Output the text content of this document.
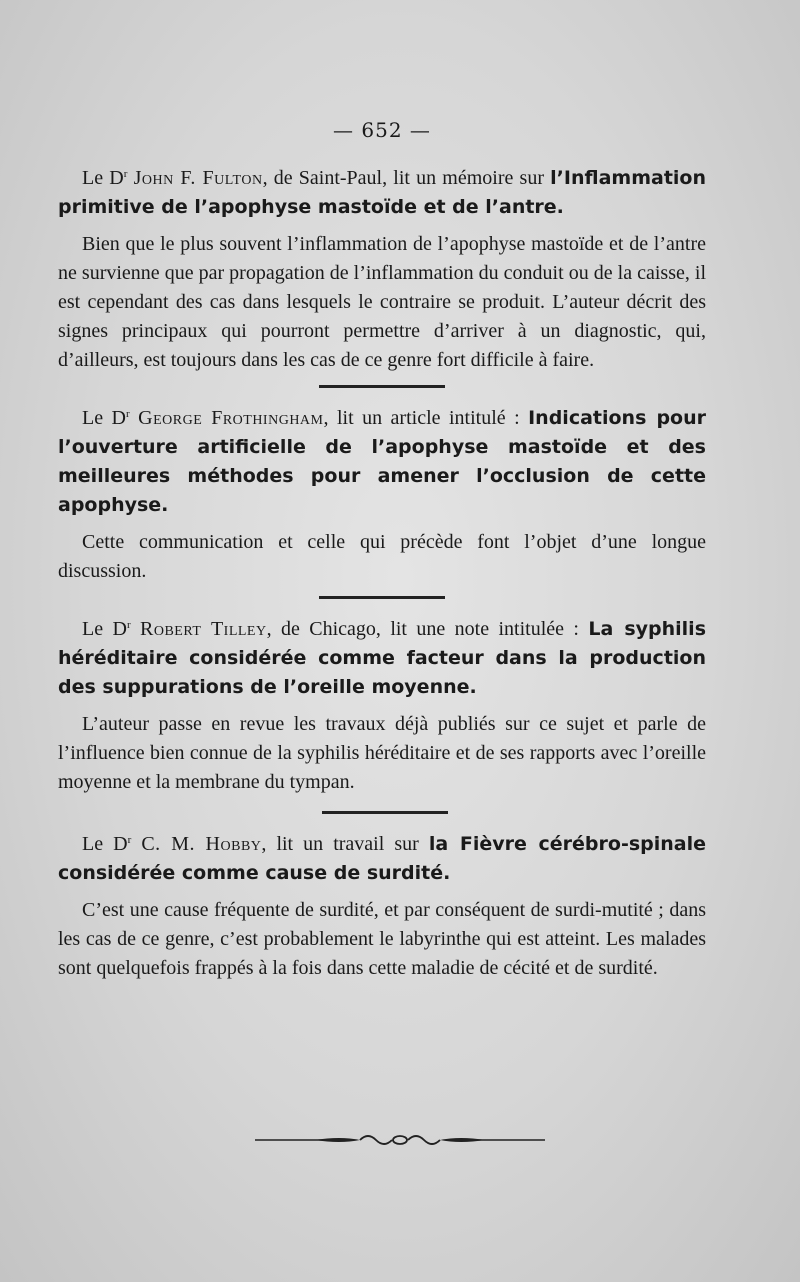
— 652 —

Le $D^r$ John F. Fulton, de Saint-Paul, lit un mémoire sur l’Inflammation primitive de l’apophyse mastoïde et de l’antre.

Bien que le plus souvent l’inflammation de l’apophyse mastoïde et de l’antre ne survienne que par propagation de l’inflammation du conduit ou de la caisse, il est cependant des cas dans lesquels le contraire se produit. L’auteur décrit des signes principaux qui pourront permettre d’arriver à un diagnostic, qui, d’ailleurs, est toujours dans les cas de ce genre fort difficile à faire.

Le $D^r$ George Frothingham, lit un article intitulé : Indications pour l’ouverture artificielle de l’apophyse mastoïde et des meilleures méthodes pour amener l’occlusion de cette apophyse.

Cette communication et celle qui précède font l’objet d’une longue discussion.

Le $D^r$ Robert Tilley, de Chicago, lit une note intitulée : La syphilis héréditaire considérée comme facteur dans la production des suppurations de l’oreille moyenne.

L’auteur passe en revue les travaux déjà publiés sur ce sujet et parle de l’influence bien connue de la syphilis héréditaire et de ses rapports avec l’oreille moyenne et la membrane du tympan.

Le $D^r$ C. M. Hobby, lit un travail sur la Fièvre cérébro-spinale considérée comme cause de surdité.

C’est une cause fréquente de surdité, et par conséquent de surdi-mutité ; dans les cas de ce genre, c’est probablement le labyrinthe qui est atteint. Les malades sont quelquefois frappés à la fois dans cette maladie de cécité et de surdité.
